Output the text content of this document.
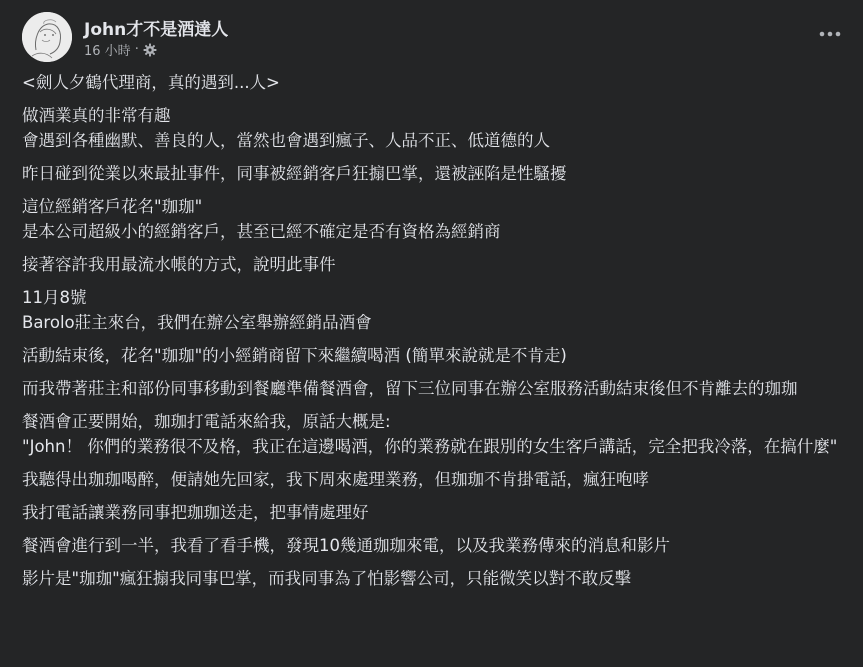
John才不是酒達人
16 小時 ·
<劍人夕鶴代理商，真的遇到...人>
做酒業真的非常有趣
會遇到各種幽默、善良的人，當然也會遇到瘋子、人品不正、低道德的人
昨日碰到從業以來最扯事件，同事被經銷客戶狂搧巴掌，還被誣陷是性騷擾
這位經銷客戶花名"珈珈"
是本公司超級小的經銷客戶，甚至已經不確定是否有資格為經銷商
接著容許我用最流水帳的方式，說明此事件
11月8號
Barolo莊主來台，我們在辦公室舉辦經銷品酒會
活動結束後，花名"珈珈"的小經銷商留下來繼續喝酒 (簡單來說就是不肯走)
而我帶著莊主和部份同事移動到餐廳準備餐酒會，留下三位同事在辦公室服務活動結束後但不肯離去的珈珈
餐酒會正要開始，珈珈打電話來給我，原話大概是:
"John！ 你們的業務很不及格，我正在這邊喝酒，你的業務就在跟別的女生客戶講話，完全把我冷落，在搞什麼"
我聽得出珈珈喝醉，便請她先回家，我下周來處理業務，但珈珈不肯掛電話，瘋狂咆哮
我打電話讓業務同事把珈珈送走，把事情處理好
餐酒會進行到一半，我看了看手機，發現10幾通珈珈來電，以及我業務傳來的消息和影片
影片是"珈珈"瘋狂搧我同事巴掌，而我同事為了怕影響公司，只能微笑以對不敢反擊
